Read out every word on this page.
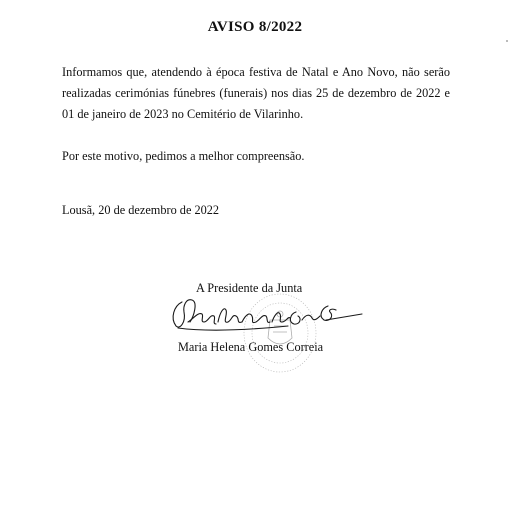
AVISO 8/2022
Informamos que, atendendo à época festiva de Natal e Ano Novo, não serão
realizadas cerimónias fúnebres (funerais) nos dias 25 de dezembro de 2022 e
01 de janeiro de 2023 no Cemitério de Vilarinho.
Por este motivo, pedimos a melhor compreensão.
Lousã, 20 de dezembro de 2022
A Presidente da Junta
Maria Helena Gomes Correia
